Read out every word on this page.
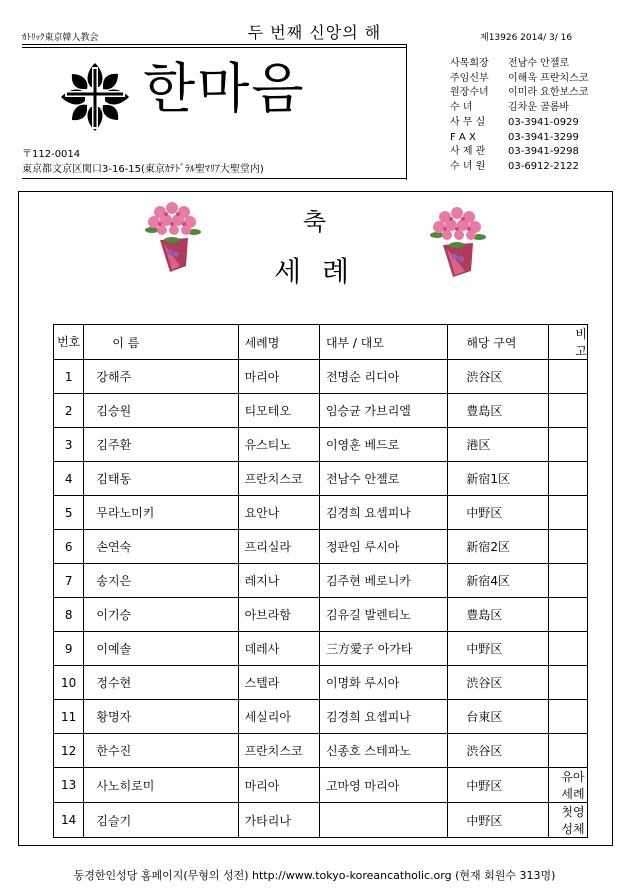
ｶﾄﾘｯｸ東京韓人教会	두 번째 신앙의 해	제13926 2014/ 3/ 16
한마음
〒112-0014
東京都文京区関口3-16-15(東京ｶﾃﾄﾞﾗﾙ聖ﾏﾘｱ大聖堂内)
사목회장	전남수 안젤로
주임신부	이해욱 프란치스코
원장수녀	이미라 요한보스코
수 녀	김차운 골롬바
사 무 실	03-3941-0929
F A X	03-3941-3299
사 제 관	03-3941-9298
수 녀 원	03-6912-2122
축
세 례
번호	이 름	세례명	대부 / 대모	해당 구역	비고
1	강해주	마리아	전명순 리디아	渋谷区	
2	김승원	티모테오	임승균 가브리엘	豊島区	
3	김주환	유스티노	이영훈 베드로	港区	
4	김태동	프란치스코	전남수 안젤로	新宿1区	
5	무라노미키	요안나	김경희 요셉피나	中野区	
6	손연숙	프리실라	정판임 루시아	新宿2区	
7	송지은	레지나	김주현 베로니카	新宿4区	
8	이기승	아브라함	김유길 발렌티노	豊島区	
9	이예솔	데레사	三方愛子 아가타	中野区	
10	정수현	스텔라	이명화 루시아	渋谷区	
11	황명자	세실리아	김경희 요셉피나	台東区	
12	한수진	프란치스코	신종호 스테파노	渋谷区	
13	사노히로미	마리아	고마영 마리아	中野区	유아세례
14	김슬기	가타리나		中野区	첫영성체
동경한인성당 홈페이지(무형의 성전) http://www.tokyo-koreancatholic.org (현재 회원수 313명)
